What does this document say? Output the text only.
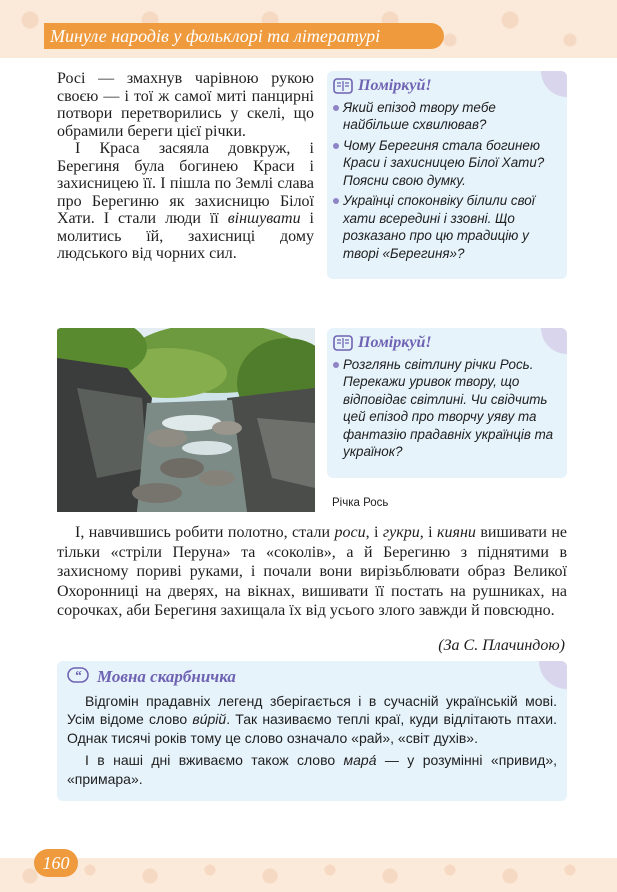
Минуле народів у фольклорі та літературі

Росі — змахнув чарівною рукою своєю — і тої ж самої миті панцирні потвори перетворились у скелі, що обрамили береги цієї річки.

І Краса засяяла довкруж, і Берегиня була богинею Краси і захисницею її. І пішла по Землі слава про Берегиню як захисницю Білої Хати. І стали люди її віншувати і молитись їй, захисниці дому людського від чорних сил.

Поміркуй!
Який епізод твору тебе найбільше схвилював?
Чому Берегиня стала богинею Краси і захисницею Білої Хати? Поясни свою думку.
Українці споконвіку білили свої хати всередині і ззовні. Що розказано про цю традицію у творі «Берегиня»?
Поміркуй!
Розглянь світлину річки Рось. Перекажи уривок твору, що відповідає світлині. Чи свідчить цей епізод про творчу уяву та фантазію прадавніх українців та українок?
Річка Рось

І, навчившись робити полотно, стали роси, і гукри, і кияни вишивати не тільки «стріли Перуна» та «соколів», а й Берегиню з піднятими в захисному пориві руками, і почали вони вирізьблювати образ Великої Охоронниці на дверях, на вікнах, вишивати її постать на рушниках, на сорочках, аби Берегиня захищала їх від усього злого завжди й повсюдно.

(За С. Плачиндою)
“ Мовна скарбничка

Відгомін прадавніх легенд зберігається і в сучасній українській мові. Усім відоме слово ви́рій. Так називаємо теплі краї, куди відлітають птахи. Однак тисячі років тому це слово означало «рай», «світ духів».

І в наші дні вживаємо також слово мара́ — у розумінні «привид», «примара».

160
